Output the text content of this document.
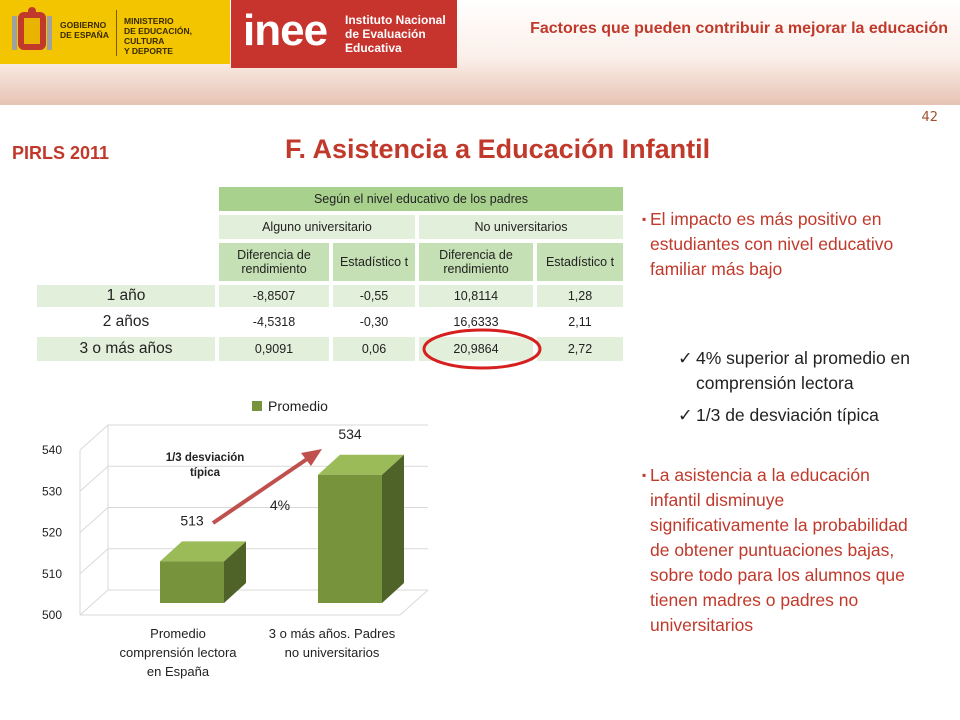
GOBIERNO
DE ESPAÑA
MINISTERIO
DE EDUCACIÓN, CULTURA
Y DEPORTE	inee Instituto Nacional
de Evaluación
Educativa
Factores que pueden contribuir a mejorar la educación
42
PIRLS 2011	F. Asistencia a Educación Infantil
Según el nivel educativo de los padres
Alguno universitario	No universitarios
Diferencia de rendimiento	Estadístico t	Diferencia de rendimiento	Estadístico t
1 año	-8,8507	-0,55	10,8114	1,28
2 años	-4,5318	-0,30	16,6333	2,11
3 o más años	0,9091	0,06	20,9864	2,72
▪ El impacto es más positivo en estudiantes con nivel educativo familiar más bajo
✓ 4% superior al promedio en comprensión lectora
✓ 1/3 de desviación típica
▪ La asistencia a la educación infantil disminuye significativamente la probabilidad de obtener puntuaciones bajas, sobre todo para los alumnos que tienen madres o padres no universitarios
500
510
520
530
540
Promedio comprensión lectora en España
3 o más años. Padres no universitarios
513
534
Promedio
1/3 desviación típica
4%
